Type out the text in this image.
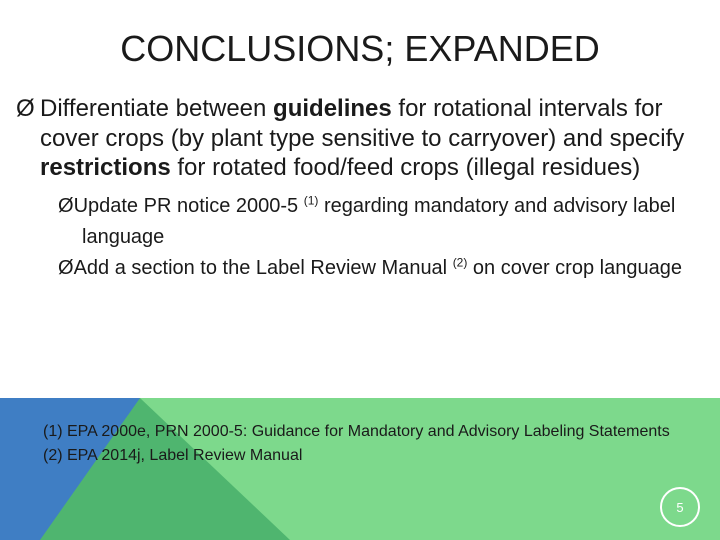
CONCLUSIONS; EXPANDED
Ø Differentiate between guidelines for rotational intervals for cover crops (by plant type sensitive to carryover) and specify restrictions for rotated food/feed crops (illegal residues)
ØUpdate PR notice 2000-5 $^{(1)}$ regarding mandatory and advisory label language
ØAdd a section to the Label Review Manual $^{(2)}$ on cover crop language
(1) EPA 2000e, PRN 2000-5: Guidance for Mandatory and Advisory Labeling Statements
(2) EPA 2014j, Label Review Manual
5
